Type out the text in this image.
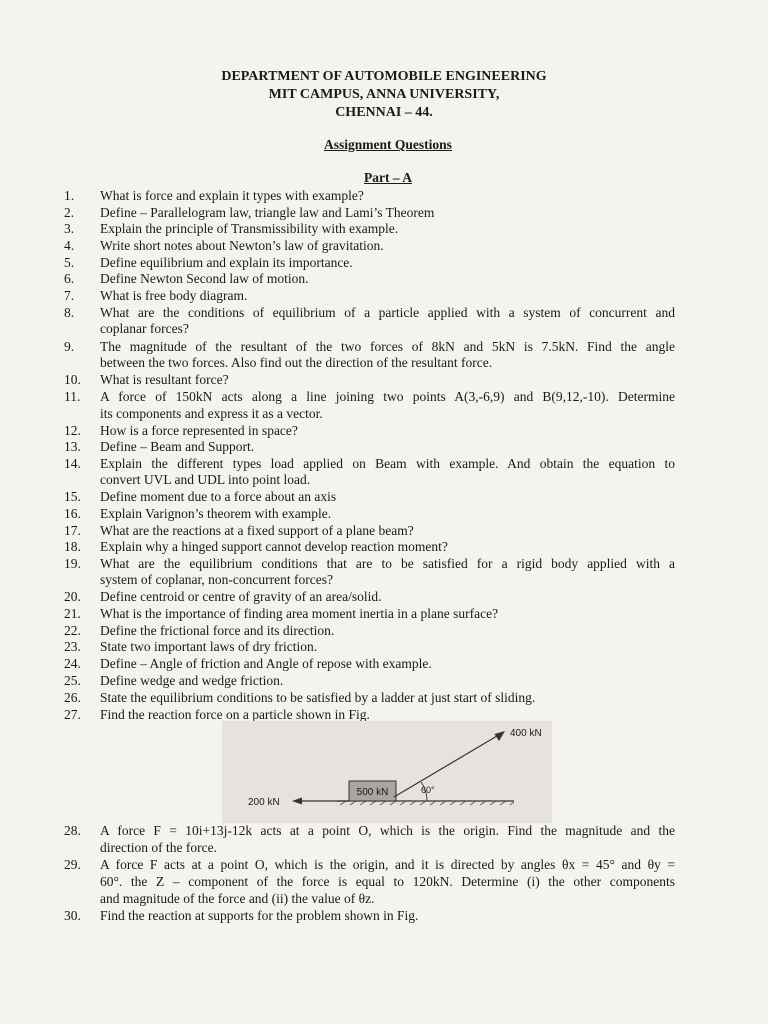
DEPARTMENT OF AUTOMOBILE ENGINEERING
MIT CAMPUS, ANNA UNIVERSITY,
CHENNAI – 44.
Assignment Questions
Part – A
1.	What is force and explain it types with example?
2.	Define – Parallelogram law, triangle law and Lami’s Theorem
3.	Explain the principle of Transmissibility with example.
4.	Write short notes about Newton’s law of gravitation.
5.	Define equilibrium and explain its importance.
6.	Define Newton Second law of motion.
7.	What is free body diagram.
8.	What are the conditions of equilibrium of a particle applied with a system of concurrent and
coplanar forces?
9.	The magnitude of the resultant of the two forces of 8kN and 5kN is 7.5kN. Find the angle
between the two forces. Also find out the direction of the resultant force.
10.	What is resultant force?
11.	A force of 150kN acts along a line joining two points A(3,-6,9) and B(9,12,-10). Determine
its components and express it as a vector.
12.	How is a force represented in space?
13.	Define – Beam and Support.
14.	Explain the different types load applied on Beam with example. And obtain the equation to
convert UVL and UDL into point load.
15.	Define moment due to a force about an axis
16.	Explain Varignon’s theorem with example.
17.	What are the reactions at a fixed support of a plane beam?
18.	Explain why a hinged support cannot develop reaction moment?
19.	What are the equilibrium conditions that are to be satisfied for a rigid body applied with a
system of coplanar, non-concurrent forces?
20.	Define centroid or centre of gravity of an area/solid.
21.	What is the importance of finding area moment inertia in a plane surface?
22.	Define the frictional force and its direction.
23.	State two important laws of dry friction.
24.	Define – Angle of friction and Angle of repose with example.
25.	Define wedge and wedge friction.
26.	State the equilibrium conditions to be satisfied by a ladder at just start of sliding.
27.	Find the reaction force on a particle shown in Fig.
28.	A force F = 10i+13j-12k acts at a point O, which is the origin. Find the magnitude and the
direction of the force.
29.	A force F acts at a point O, which is the origin, and it is directed by angles θx = 45° and θy =
60°. the Z – component of the force is equal to 120kN. Determine (i) the other components
and magnitude of the force and (ii) the value of θz.
30.	Find the reaction at supports for the problem shown in Fig.
500 kN
200 kN
400 kN
60°
